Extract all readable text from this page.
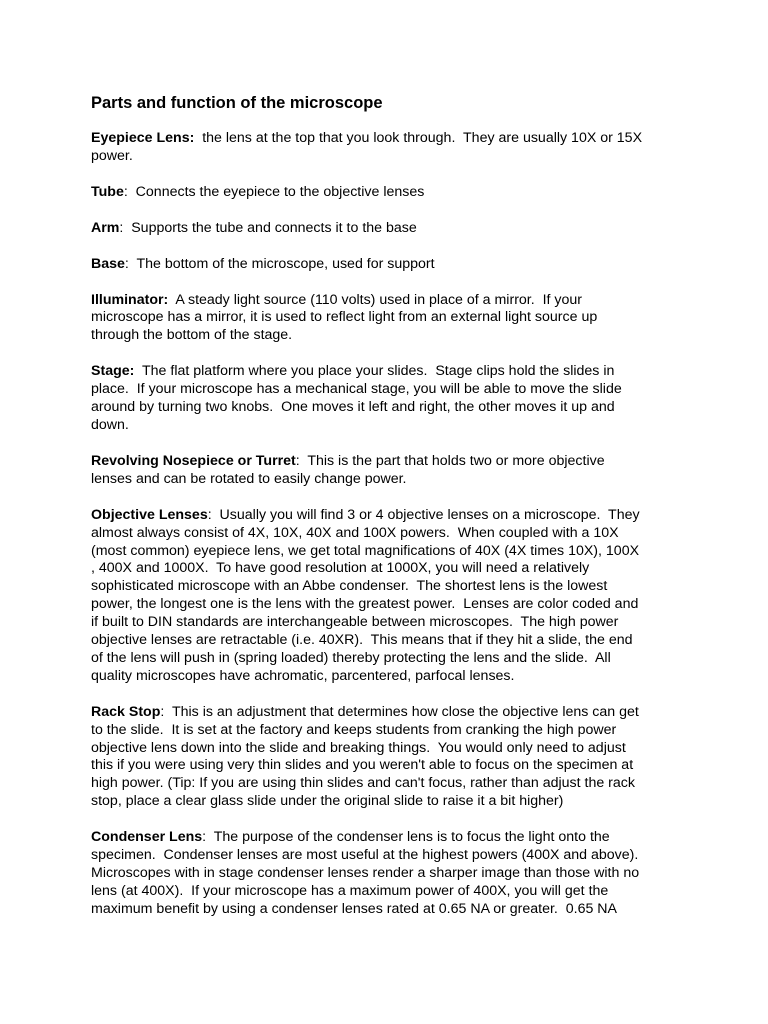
Parts and function of the microscope

Eyepiece Lens: the lens at the top that you look through.  They are usually 10X or 15X
power.

Tube:  Connects the eyepiece to the objective lenses

Arm:  Supports the tube and connects it to the base

Base:  The bottom of the microscope, used for support

Illuminator: A steady light source (110 volts) used in place of a mirror.  If your
microscope has a mirror, it is used to reflect light from an external light source up
through the bottom of the stage.

Stage: The flat platform where you place your slides.  Stage clips hold the slides in
place.  If your microscope has a mechanical stage, you will be able to move the slide
around by turning two knobs.  One moves it left and right, the other moves it up and
down.

Revolving Nosepiece or Turret:  This is the part that holds two or more objective
lenses and can be rotated to easily change power.

Objective Lenses:  Usually you will find 3 or 4 objective lenses on a microscope.  They
almost always consist of 4X, 10X, 40X and 100X powers.  When coupled with a 10X
(most common) eyepiece lens, we get total magnifications of 40X (4X times 10X), 100X
, 400X and 1000X.  To have good resolution at 1000X, you will need a relatively
sophisticated microscope with an Abbe condenser.  The shortest lens is the lowest
power, the longest one is the lens with the greatest power.  Lenses are color coded and
if built to DIN standards are interchangeable between microscopes.  The high power
objective lenses are retractable (i.e. 40XR).  This means that if they hit a slide, the end
of the lens will push in (spring loaded) thereby protecting the lens and the slide.  All
quality microscopes have achromatic, parcentered, parfocal lenses.

Rack Stop:  This is an adjustment that determines how close the objective lens can get
to the slide.  It is set at the factory and keeps students from cranking the high power
objective lens down into the slide and breaking things.  You would only need to adjust
this if you were using very thin slides and you weren't able to focus on the specimen at
high power. (Tip: If you are using thin slides and can't focus, rather than adjust the rack
stop, place a clear glass slide under the original slide to raise it a bit higher)

Condenser Lens:  The purpose of the condenser lens is to focus the light onto the
specimen.  Condenser lenses are most useful at the highest powers (400X and above).
Microscopes with in stage condenser lenses render a sharper image than those with no
lens (at 400X).  If your microscope has a maximum power of 400X, you will get the
maximum benefit by using a condenser lenses rated at 0.65 NA or greater.  0.65 NA
